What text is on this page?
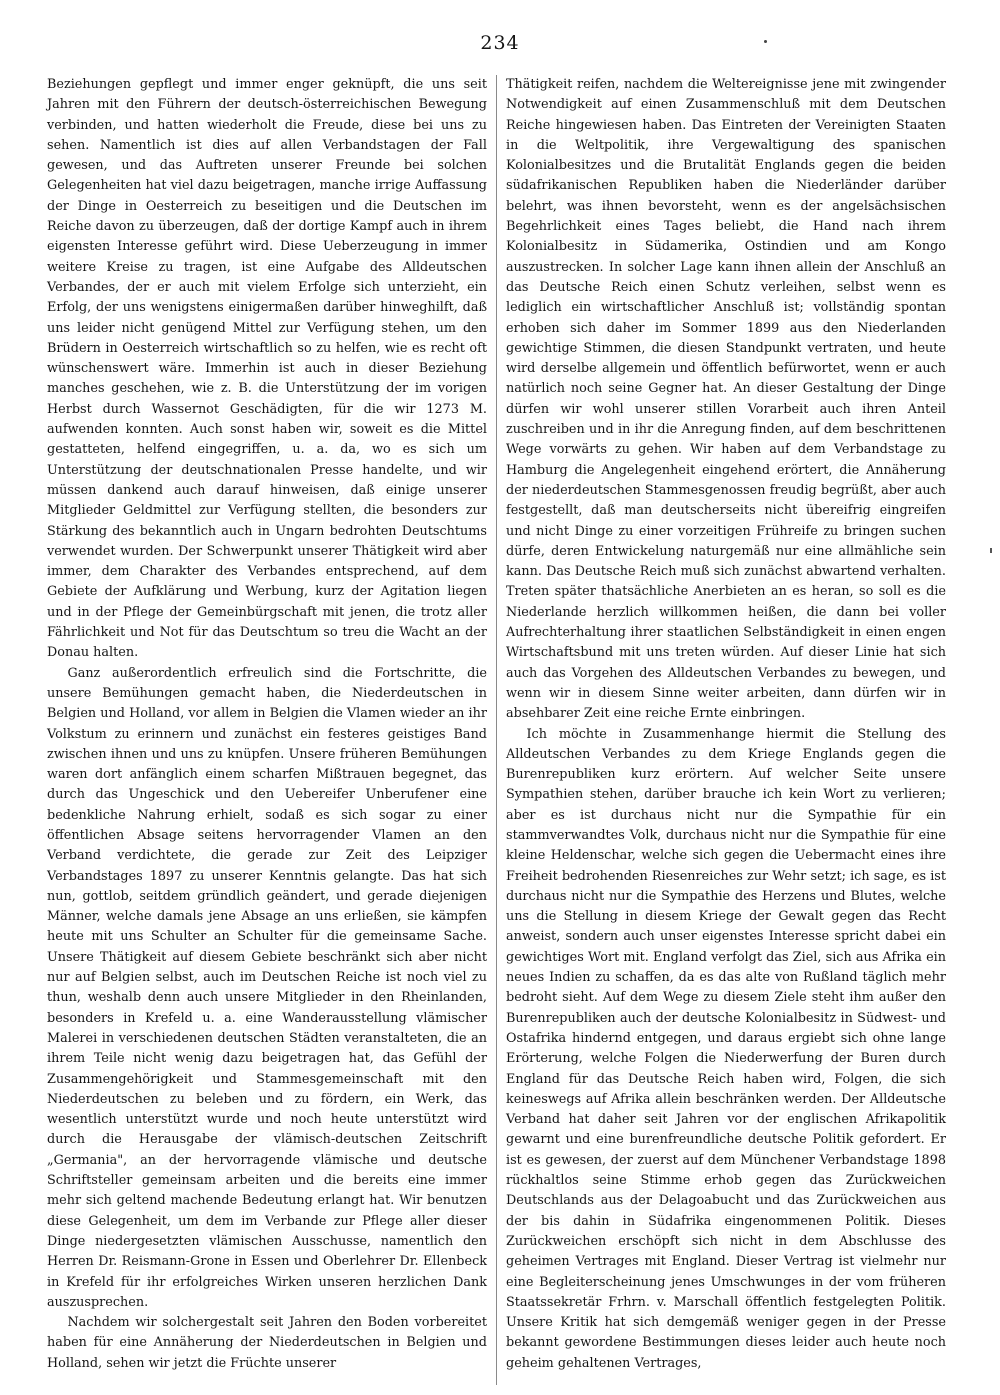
234

Beziehungen gepflegt und immer enger geknüpft, die uns seit Jahren mit den Führern der deutsch-österreichischen Bewegung verbinden, und hatten wiederholt die Freude, diese bei uns zu sehen. Namentlich ist dies auf allen Verbandstagen der Fall gewesen, und das Auftreten unserer Freunde bei solchen Gelegenheiten hat viel dazu beigetragen, manche irrige Auffassung der Dinge in Oesterreich zu beseitigen und die Deutschen im Reiche davon zu überzeugen, daß der dortige Kampf auch in ihrem eigensten Interesse geführt wird. Diese Ueberzeugung in immer weitere Kreise zu tragen, ist eine Aufgabe des Alldeutschen Verbandes, der er auch mit vielem Erfolge sich unterzieht, ein Erfolg, der uns wenigstens einigermaßen darüber hinweghilft, daß uns leider nicht genügend Mittel zur Verfügung stehen, um den Brüdern in Oesterreich wirtschaftlich so zu helfen, wie es recht oft wünschenswert wäre. Immerhin ist auch in dieser Beziehung manches geschehen, wie z. B. die Unterstützung der im vorigen Herbst durch Wassernot Geschädigten, für die wir 1273 M. aufwenden konnten. Auch sonst haben wir, soweit es die Mittel gestatteten, helfend eingegriffen, u. a. da, wo es sich um Unterstützung der deutschnationalen Presse handelte, und wir müssen dankend auch darauf hinweisen, daß einige unserer Mitglieder Geldmittel zur Verfügung stellten, die besonders zur Stärkung des bekanntlich auch in Ungarn bedrohten Deutschtums verwendet wurden. Der Schwerpunkt unserer Thätigkeit wird aber immer, dem Charakter des Verbandes entsprechend, auf dem Gebiete der Aufklärung und Werbung, kurz der Agitation liegen und in der Pflege der Gemeinbürgschaft mit jenen, die trotz aller Fährlichkeit und Not für das Deutschtum so treu die Wacht an der Donau halten.

Ganz außerordentlich erfreulich sind die Fortschritte, die unsere Bemühungen gemacht haben, die Niederdeutschen in Belgien und Holland, vor allem in Belgien die Vlamen wieder an ihr Volkstum zu erinnern und zunächst ein festeres geistiges Band zwischen ihnen und uns zu knüpfen. Unsere früheren Bemühungen waren dort anfänglich einem scharfen Mißtrauen begegnet, das durch das Ungeschick und den Uebereifer Unberufener eine bedenkliche Nahrung erhielt, sodaß es sich sogar zu einer öffentlichen Absage seitens hervorragender Vlamen an den Verband verdichtete, die gerade zur Zeit des Leipziger Verbandstages 1897 zu unserer Kenntnis gelangte. Das hat sich nun, gottlob, seitdem gründlich geändert, und gerade diejenigen Männer, welche damals jene Absage an uns erließen, sie kämpfen heute mit uns Schulter an Schulter für die gemeinsame Sache. Unsere Thätigkeit auf diesem Gebiete beschränkt sich aber nicht nur auf Belgien selbst, auch im Deutschen Reiche ist noch viel zu thun, weshalb denn auch unsere Mitglieder in den Rheinlanden, besonders in Krefeld u. a. eine Wanderausstellung vlämischer Malerei in verschiedenen deutschen Städten veranstalteten, die an ihrem Teile nicht wenig dazu beigetragen hat, das Gefühl der Zusammengehörigkeit und Stammesgemeinschaft mit den Niederdeutschen zu beleben und zu fördern, ein Werk, das wesentlich unterstützt wurde und noch heute unterstützt wird durch die Herausgabe der vlämisch-deutschen Zeitschrift „Germania", an der hervorragende vlämische und deutsche Schriftsteller gemeinsam arbeiten und die bereits eine immer mehr sich geltend machende Bedeutung erlangt hat. Wir benutzen diese Gelegenheit, um dem im Verbande zur Pflege aller dieser Dinge niedergesetzten vlämischen Ausschusse, namentlich den Herren Dr. Reismann-Grone in Essen und Oberlehrer Dr. Ellenbeck in Krefeld für ihr erfolgreiches Wirken unseren herzlichen Dank auszusprechen.

Nachdem wir solchergestalt seit Jahren den Boden vorbereitet haben für eine Annäherung der Niederdeutschen in Belgien und Holland, sehen wir jetzt die Früchte unserer

Thätigkeit reifen, nachdem die Weltereignisse jene mit zwingender Notwendigkeit auf einen Zusammenschluß mit dem Deutschen Reiche hingewiesen haben. Das Eintreten der Vereinigten Staaten in die Weltpolitik, ihre Vergewaltigung des spanischen Kolonialbesitzes und die Brutalität Englands gegen die beiden südafrikanischen Republiken haben die Niederländer darüber belehrt, was ihnen bevorsteht, wenn es der angelsächsischen Begehrlichkeit eines Tages beliebt, die Hand nach ihrem Kolonialbesitz in Südamerika, Ostindien und am Kongo auszustrecken. In solcher Lage kann ihnen allein der Anschluß an das Deutsche Reich einen Schutz verleihen, selbst wenn es lediglich ein wirtschaftlicher Anschluß ist; vollständig spontan erhoben sich daher im Sommer 1899 aus den Niederlanden gewichtige Stimmen, die diesen Standpunkt vertraten, und heute wird derselbe allgemein und öffentlich befürwortet, wenn er auch natürlich noch seine Gegner hat. An dieser Gestaltung der Dinge dürfen wir wohl unserer stillen Vorarbeit auch ihren Anteil zuschreiben und in ihr die Anregung finden, auf dem beschrittenen Wege vorwärts zu gehen. Wir haben auf dem Verbandstage zu Hamburg die Angelegenheit eingehend erörtert, die Annäherung der niederdeutschen Stammesgenossen freudig begrüßt, aber auch festgestellt, daß man deutscherseits nicht übereifrig eingreifen und nicht Dinge zu einer vorzeitigen Frühreife zu bringen suchen dürfe, deren Entwickelung naturgemäß nur eine allmähliche sein kann. Das Deutsche Reich muß sich zunächst abwartend verhalten. Treten später thatsächliche Anerbieten an es heran, so soll es die Niederlande herzlich willkommen heißen, die dann bei voller Aufrechterhaltung ihrer staatlichen Selbständigkeit in einen engen Wirtschaftsbund mit uns treten würden. Auf dieser Linie hat sich auch das Vorgehen des Alldeutschen Verbandes zu bewegen, und wenn wir in diesem Sinne weiter arbeiten, dann dürfen wir in absehbarer Zeit eine reiche Ernte einbringen.

Ich möchte in Zusammenhange hiermit die Stellung des Alldeutschen Verbandes zu dem Kriege Englands gegen die Burenrepubliken kurz erörtern. Auf welcher Seite unsere Sympathien stehen, darüber brauche ich kein Wort zu verlieren; aber es ist durchaus nicht nur die Sympathie für ein stammverwandtes Volk, durchaus nicht nur die Sympathie für eine kleine Heldenschar, welche sich gegen die Uebermacht eines ihre Freiheit bedrohenden Riesenreiches zur Wehr setzt; ich sage, es ist durchaus nicht nur die Sympathie des Herzens und Blutes, welche uns die Stellung in diesem Kriege der Gewalt gegen das Recht anweist, sondern auch unser eigenstes Interesse spricht dabei ein gewichtiges Wort mit. England verfolgt das Ziel, sich aus Afrika ein neues Indien zu schaffen, da es das alte von Rußland täglich mehr bedroht sieht. Auf dem Wege zu diesem Ziele steht ihm außer den Burenrepubliken auch der deutsche Kolonialbesitz in Südwest- und Ostafrika hindernd entgegen, und daraus ergiebt sich ohne lange Erörterung, welche Folgen die Niederwerfung der Buren durch England für das Deutsche Reich haben wird, Folgen, die sich keineswegs auf Afrika allein beschränken werden. Der Alldeutsche Verband hat daher seit Jahren vor der englischen Afrikapolitik gewarnt und eine burenfreundliche deutsche Politik gefordert. Er ist es gewesen, der zuerst auf dem Münchener Verbandstage 1898 rückhaltlos seine Stimme erhob gegen das Zurückweichen Deutschlands aus der Delagoabucht und das Zurückweichen aus der bis dahin in Südafrika eingenommenen Politik. Dieses Zurückweichen erschöpft sich nicht in dem Abschlusse des geheimen Vertrages mit England. Dieser Vertrag ist vielmehr nur eine Begleiterscheinung jenes Umschwunges in der vom früheren Staatssekretär Frhrn. v. Marschall öffentlich festgelegten Politik. Unsere Kritik hat sich demgemäß weniger gegen in der Presse bekannt gewordene Bestimmungen dieses leider auch heute noch geheim gehaltenen Vertrages,
